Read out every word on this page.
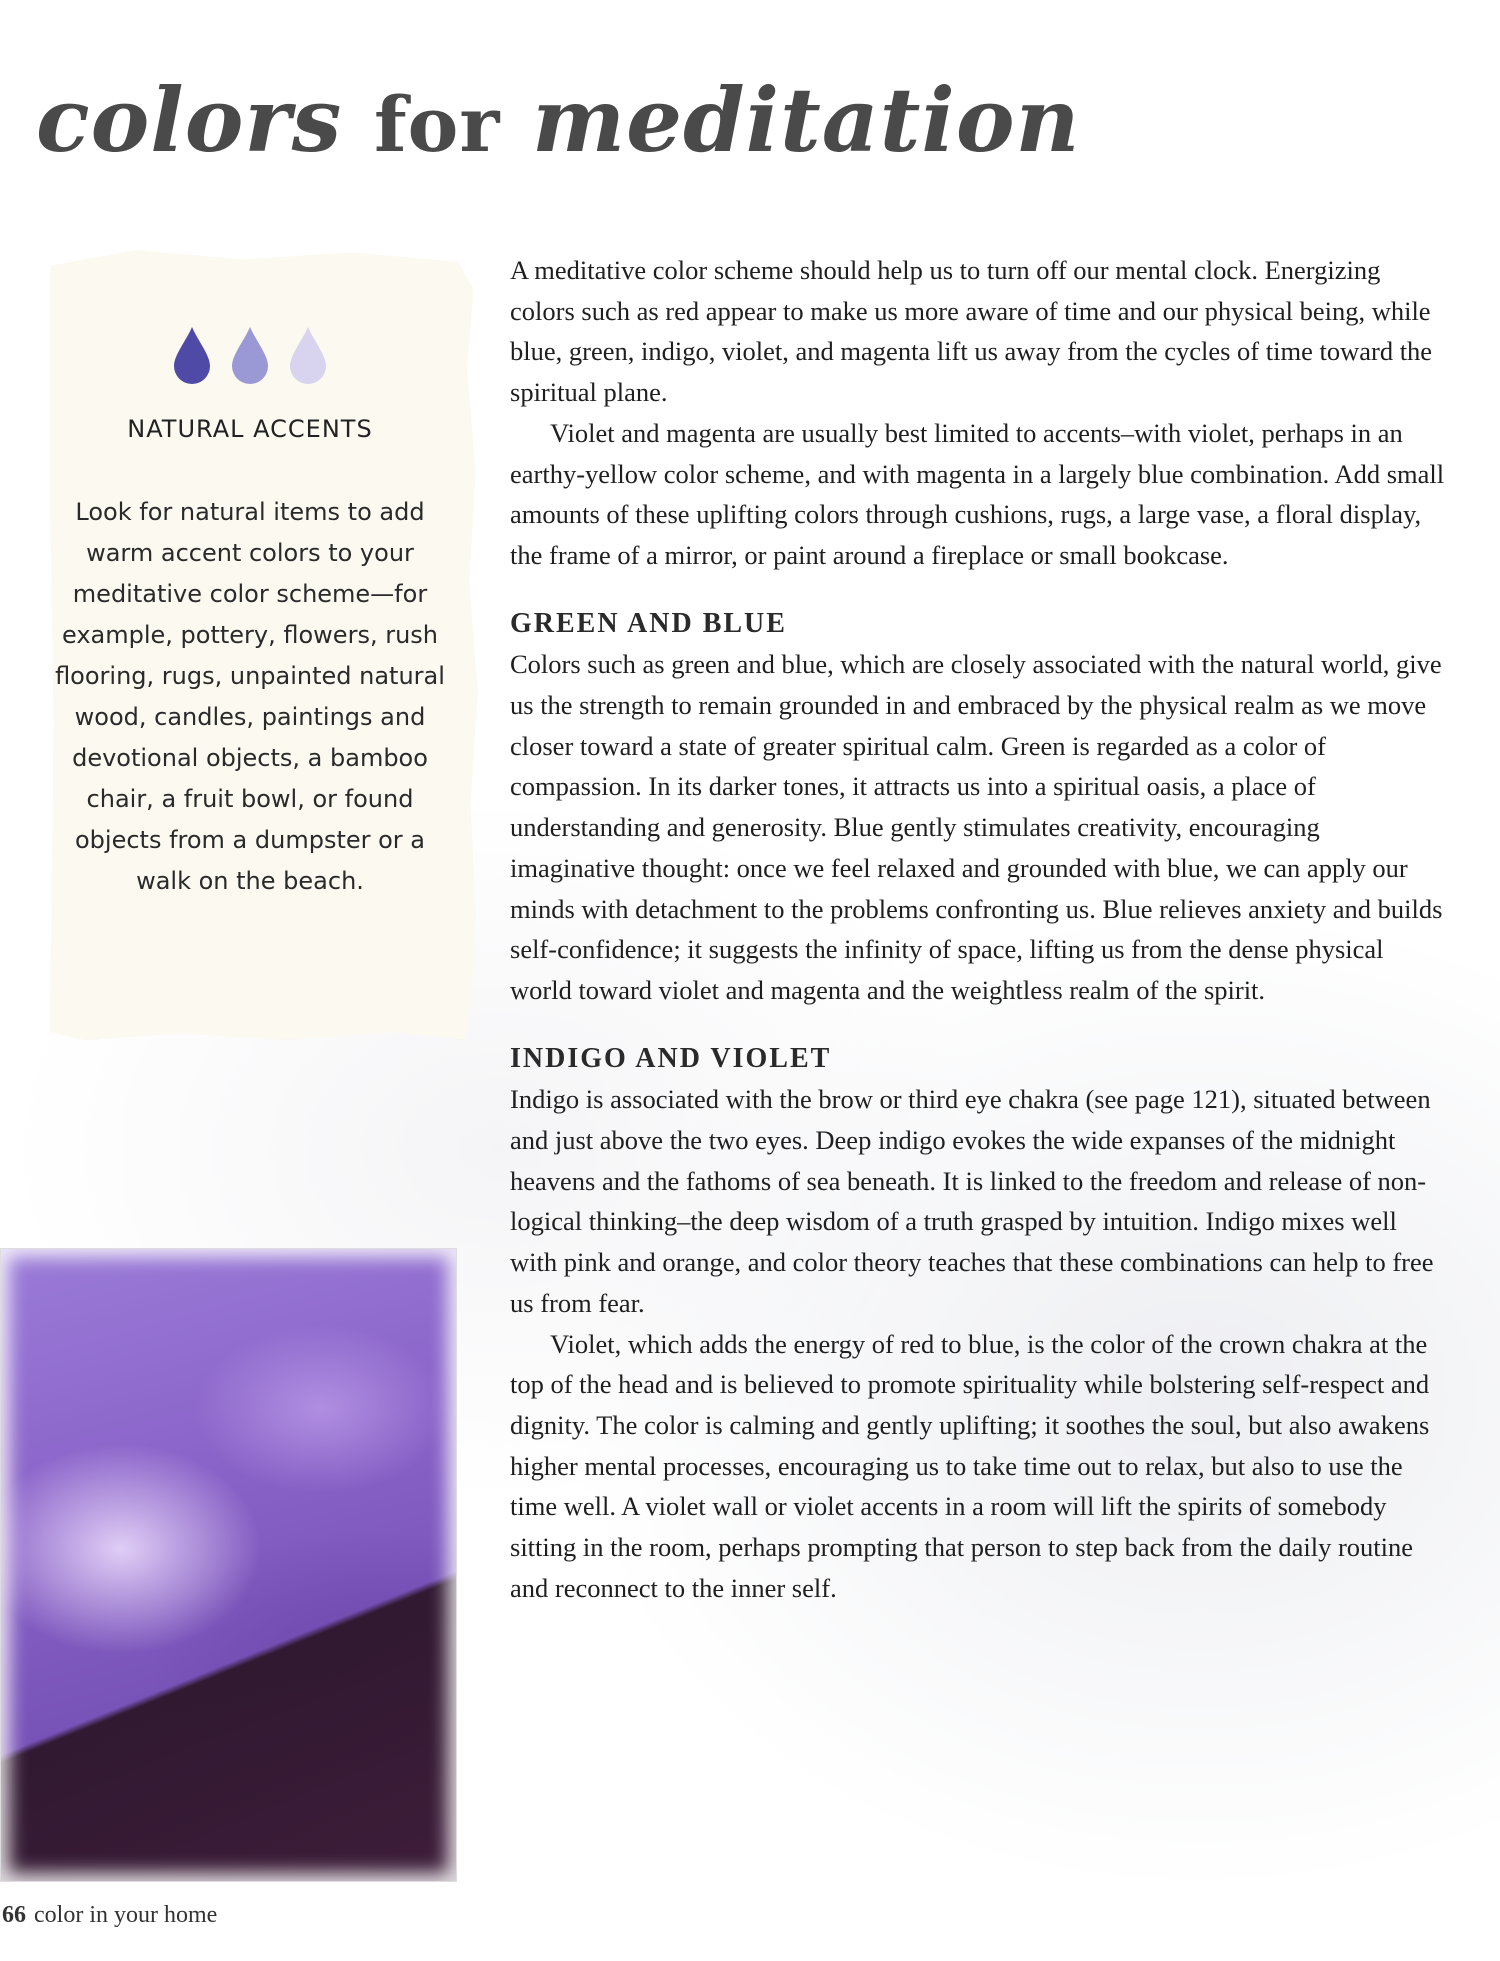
colors for meditation
NATURAL ACCENTS

Look for natural items to add warm accent colors to your meditative color scheme—for example, pottery, flowers, rush flooring, rugs, unpainted natural wood, candles, paintings and devotional objects, a bamboo chair, a fruit bowl, or found objects from a dumpster or a walk on the beach.

A meditative color scheme should help us to turn off our mental clock. Energizing colors such as red appear to make us more aware of time and our physical being, while blue, green, indigo, violet, and magenta lift us away from the cycles of time toward the spiritual plane.

Violet and magenta are usually best limited to accents–with violet, perhaps in an earthy-yellow color scheme, and with magenta in a largely blue combination. Add small amounts of these uplifting colors through cushions, rugs, a large vase, a floral display, the frame of a mirror, or paint around a fireplace or small bookcase.

GREEN AND BLUE

Colors such as green and blue, which are closely associated with the natural world, give us the strength to remain grounded in and embraced by the physical realm as we move closer toward a state of greater spiritual calm. Green is regarded as a color of compassion. In its darker tones, it attracts us into a spiritual oasis, a place of understanding and generosity. Blue gently stimulates creativity, encouraging imaginative thought: once we feel relaxed and grounded with blue, we can apply our minds with detachment to the problems confronting us. Blue relieves anxiety and builds self-confidence; it suggests the infinity of space, lifting us from the dense physical world toward violet and magenta and the weightless realm of the spirit.

INDIGO AND VIOLET

Indigo is associated with the brow or third eye chakra (see page 121), situated between and just above the two eyes. Deep indigo evokes the wide expanses of the midnight heavens and the fathoms of sea beneath. It is linked to the freedom and release of non-logical thinking–the deep wisdom of a truth grasped by intuition. Indigo mixes well with pink and orange, and color theory teaches that these combinations can help to free us from fear.

Violet, which adds the energy of red to blue, is the color of the crown chakra at the top of the head and is believed to promote spirituality while bolstering self-respect and dignity. The color is calming and gently uplifting; it soothes the soul, but also awakens higher mental processes, encouraging us to take time out to relax, but also to use the time well. A violet wall or violet accents in a room will lift the spirits of somebody sitting in the room, perhaps prompting that person to step back from the daily routine and reconnect to the inner self.

66 color in your home
